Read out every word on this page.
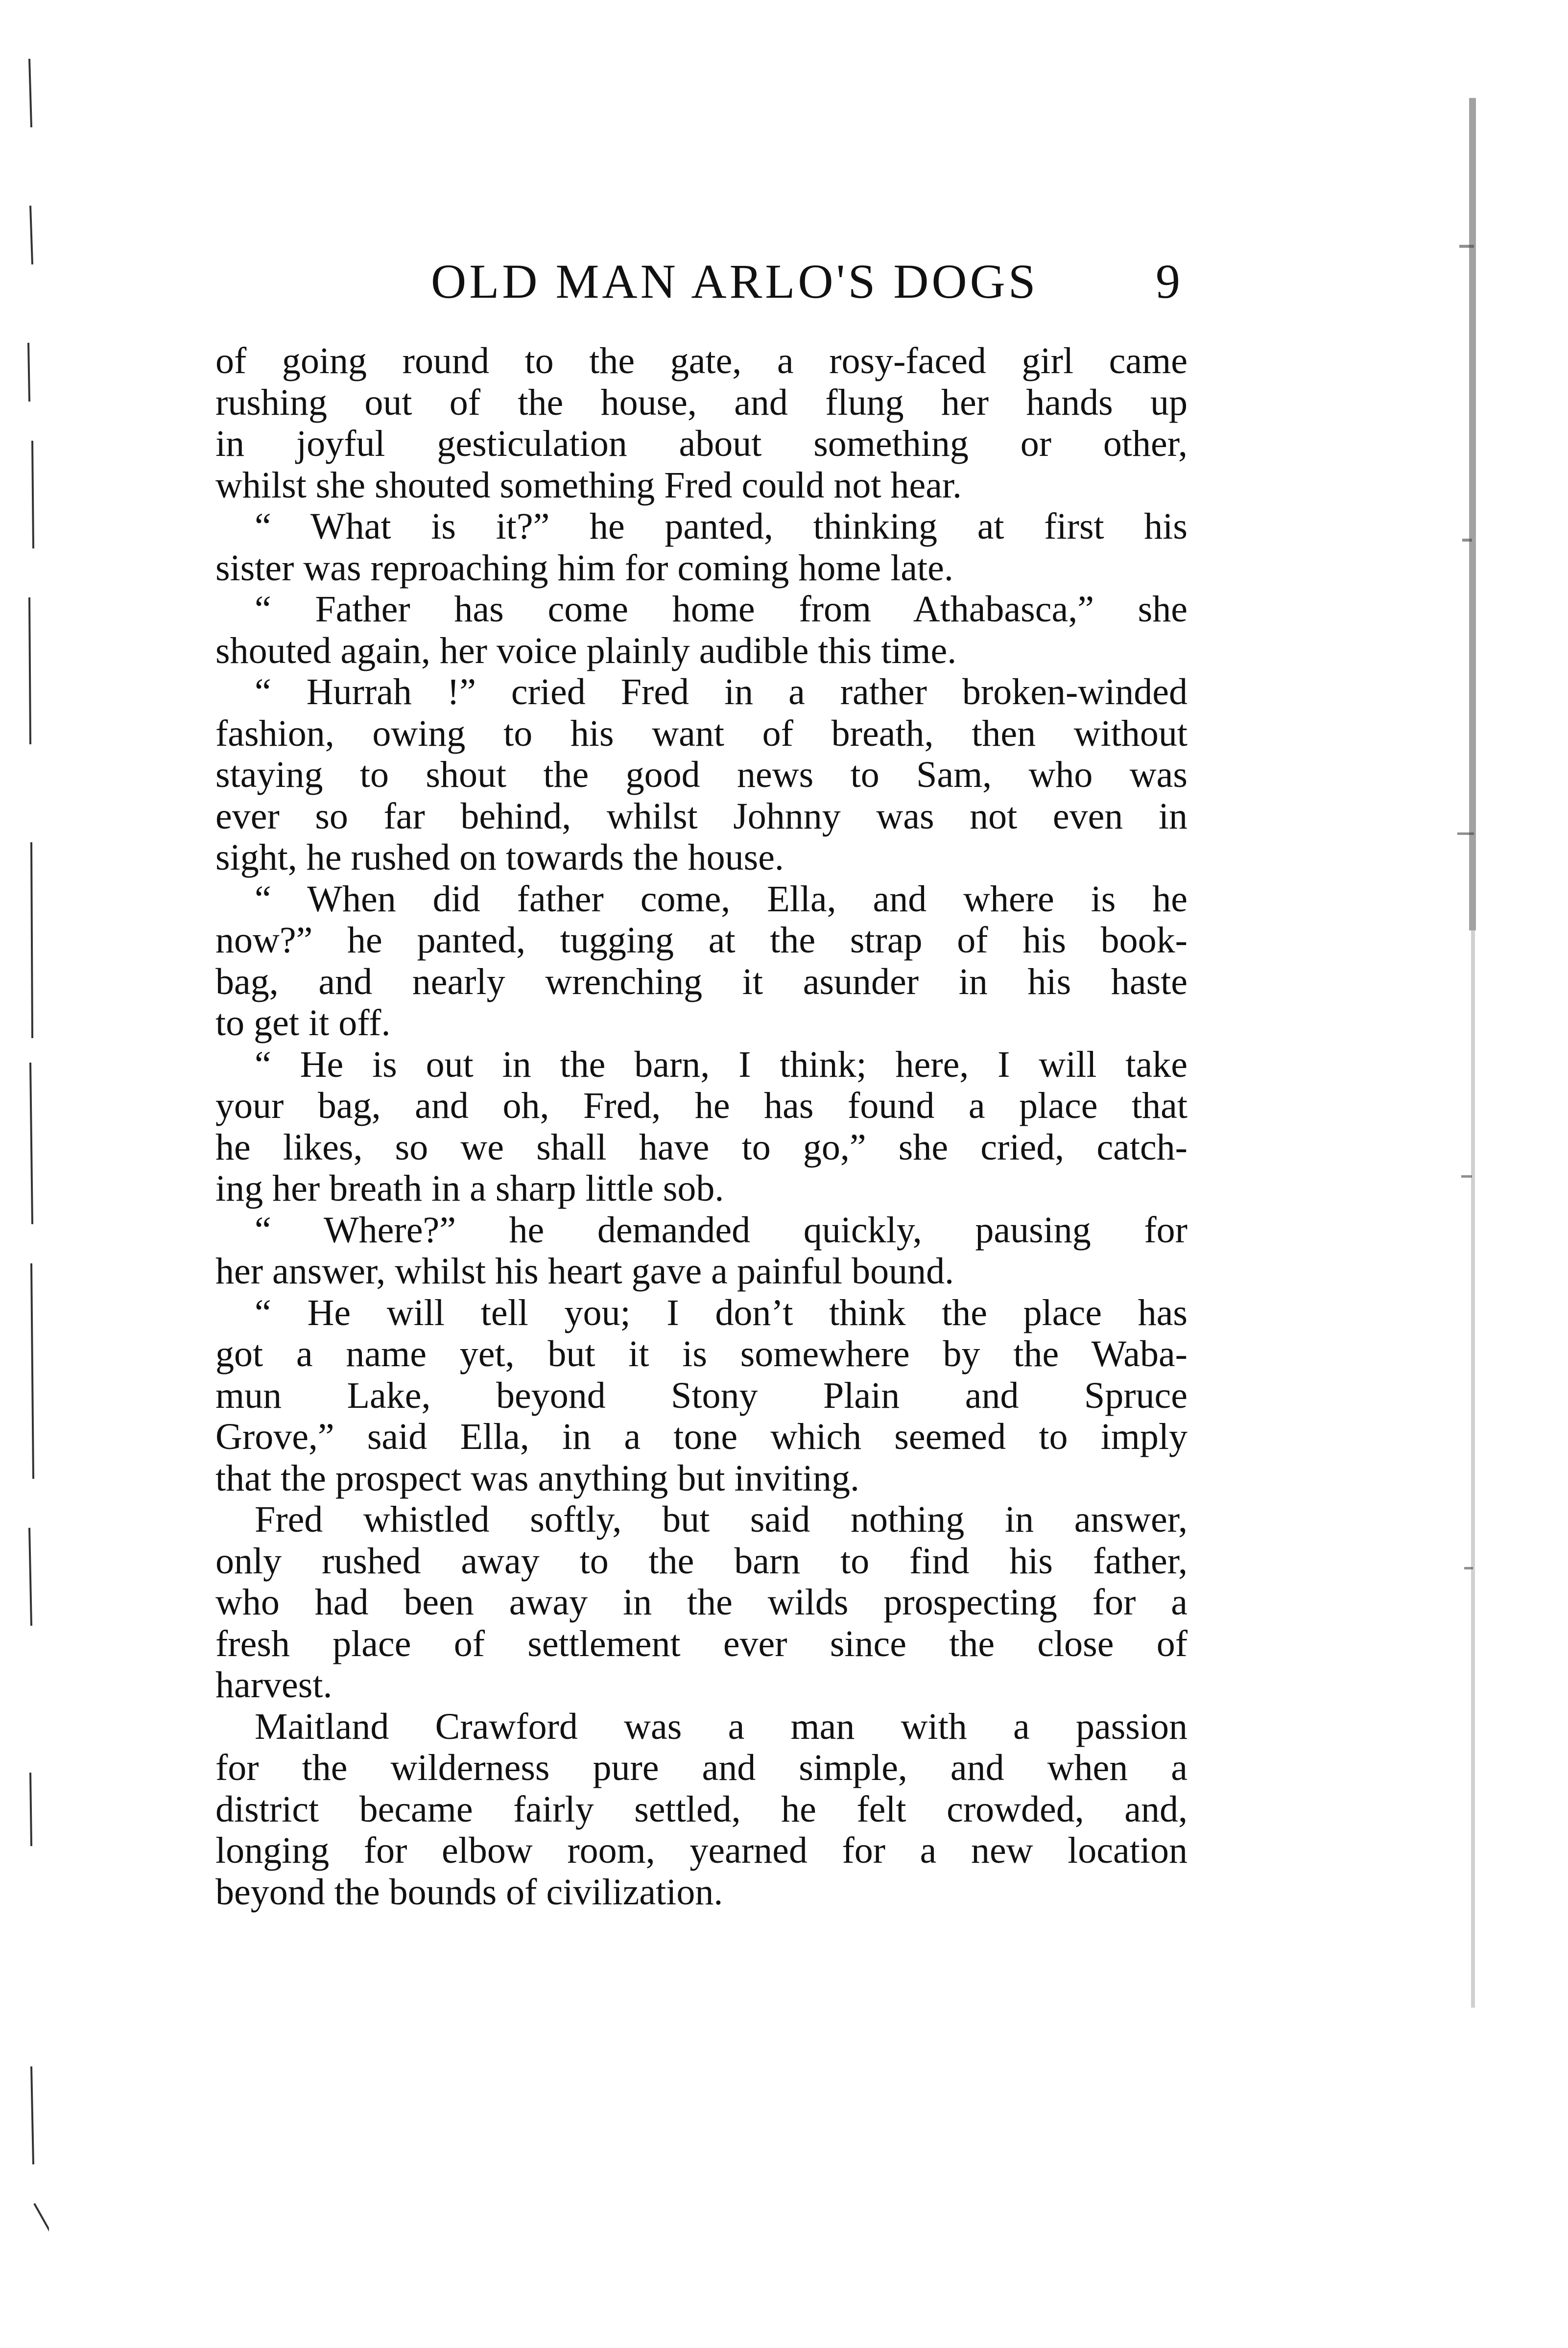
OLD MAN ARLO'S DOGS 9
of going round to the gate, a rosy-faced girl came
rushing out of the house, and flung her hands up
in joyful gesticulation about something or other,
whilst she shouted something Fred could not hear.
“ What is it?” he panted, thinking at first his
sister was reproaching him for coming home late.
“ Father has come home from Athabasca,” she
shouted again, her voice plainly audible this time.
“ Hurrah !” cried Fred in a rather broken-winded
fashion, owing to his want of breath, then without
staying to shout the good news to Sam, who was
ever so far behind, whilst Johnny was not even in
sight, he rushed on towards the house.
“ When did father come, Ella, and where is he
now?” he panted, tugging at the strap of his book-
bag, and nearly wrenching it asunder in his haste
to get it off.
“ He is out in the barn, I think; here, I will take
your bag, and oh, Fred, he has found a place that
he likes, so we shall have to go,” she cried, catch-
ing her breath in a sharp little sob.
“ Where?” he demanded quickly, pausing for
her answer, whilst his heart gave a painful bound.
“ He will tell you; I don’t think the place has
got a name yet, but it is somewhere by the Waba-
mun Lake, beyond Stony Plain and Spruce
Grove,” said Ella, in a tone which seemed to imply
that the prospect was anything but inviting.
Fred whistled softly, but said nothing in answer,
only rushed away to the barn to find his father,
who had been away in the wilds prospecting for a
fresh place of settlement ever since the close of
harvest.
Maitland Crawford was a man with a passion
for the wilderness pure and simple, and when a
district became fairly settled, he felt crowded, and,
longing for elbow room, yearned for a new location
beyond the bounds of civilization.
